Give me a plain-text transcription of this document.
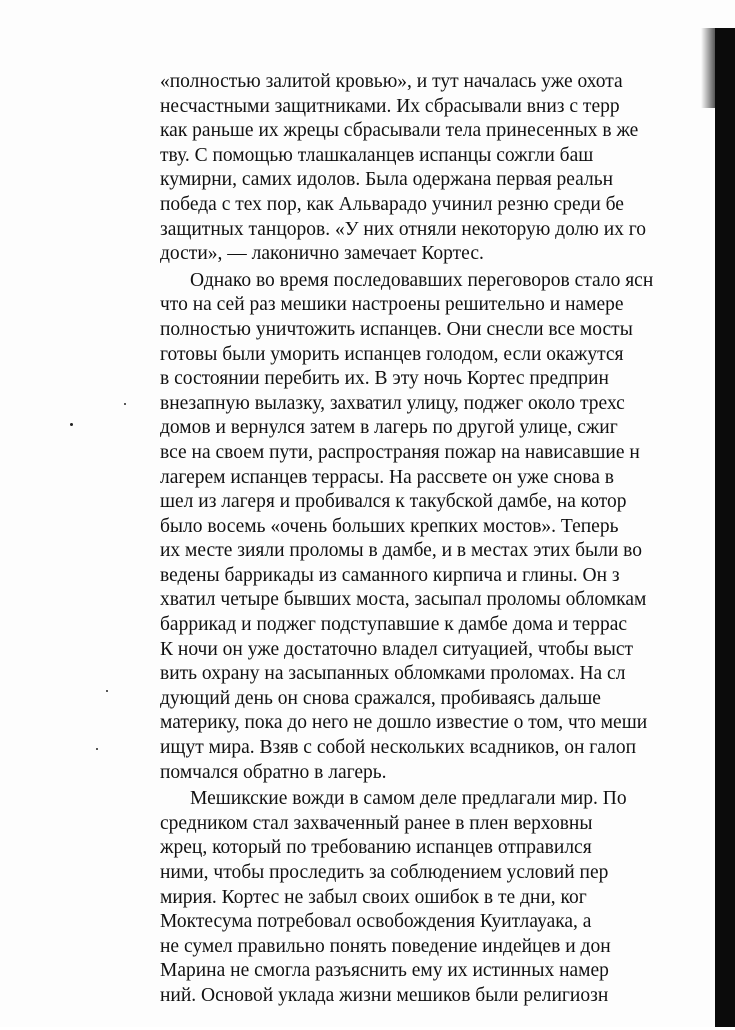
«полностью залитой кровью», и тут началась уже охота
несчастными защитниками. Их сбрасывали вниз с терр
как раньше их жрецы сбрасывали тела принесенных в же
тву. С помощью тлашкаланцев испанцы сожгли баш
кумирни, самих идолов. Была одержана первая реальн
победа с тех пор, как Альварадо учинил резню среди бе
защитных танцоров. «У них отняли некоторую долю их го
дости», — лаконично замечает Кортес.
Однако во время последовавших переговоров стало ясн
что на сей раз мешики настроены решительно и намере
полностью уничтожить испанцев. Они снесли все мосты
готовы были уморить испанцев голодом, если окажутся
в состоянии перебить их. В эту ночь Кортес предприн
внезапную вылазку, захватил улицу, поджег около трехс
домов и вернулся затем в лагерь по другой улице, сжиг
все на своем пути, распространяя пожар на нависавшие н
лагерем испанцев террасы. На рассвете он уже снова в
шел из лагеря и пробивался к такубской дамбе, на котор
было восемь «очень больших крепких мостов». Теперь
их месте зияли проломы в дамбе, и в местах этих были во
ведены баррикады из саманного кирпича и глины. Он з
хватил четыре бывших моста, засыпал проломы обломкам
баррикад и поджег подступавшие к дамбе дома и террас
К ночи он уже достаточно владел ситуацией, чтобы выст
вить охрану на засыпанных обломками проломах. На сл
дующий день он снова сражался, пробиваясь дальше
материку, пока до него не дошло известие о том, что меши
ищут мира. Взяв с собой нескольких всадников, он галоп
помчался обратно в лагерь.
Мешикские вожди в самом деле предлагали мир. По
средником стал захваченный ранее в плен верховны
жрец, который по требованию испанцев отправился
ними, чтобы проследить за соблюдением условий пер
мирия. Кортес не забыл своих ошибок в те дни, ког
Моктесума потребовал освобождения Куитлауака, а
не сумел правильно понять поведение индейцев и дон
Марина не смогла разъяснить ему их истинных намер
ний. Основой уклада жизни мешиков были религиозн
